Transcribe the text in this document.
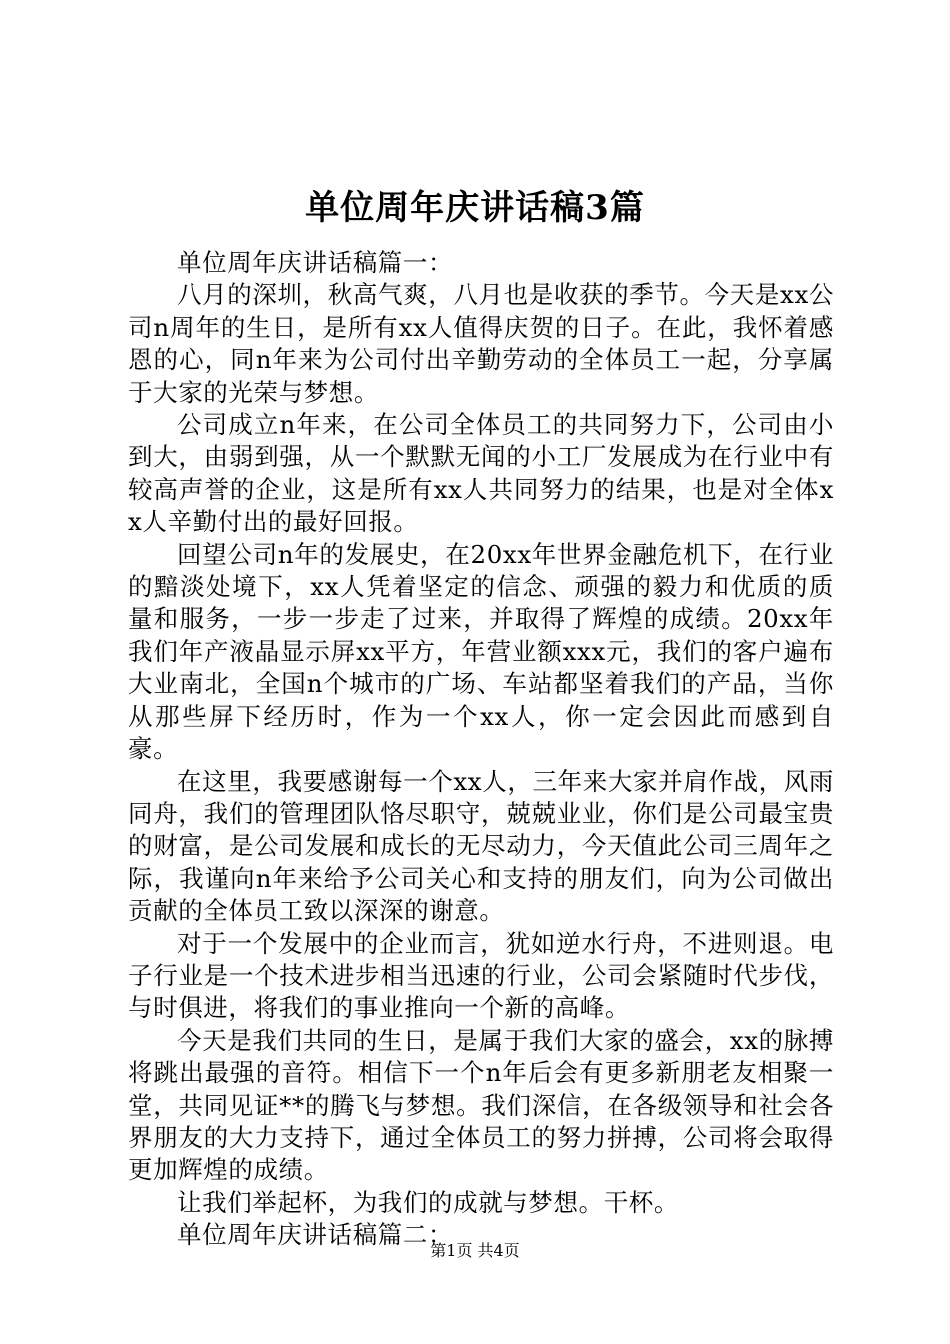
单位周年庆讲话稿3篇

单位周年庆讲话稿篇一：

八月的深圳，秋高气爽，八月也是收获的季节。今天是xx公司n周年的生日，是所有xx人值得庆贺的日子。在此，我怀着感恩的心，同n年来为公司付出辛勤劳动的全体员工一起，分享属于大家的光荣与梦想。

公司成立n年来，在公司全体员工的共同努力下，公司由小到大，由弱到强，从一个默默无闻的小工厂发展成为在行业中有较高声誉的企业，这是所有xx人共同努力的结果，也是对全体xx人辛勤付出的最好回报。

回望公司n年的发展史，在20xx年世界金融危机下，在行业的黯淡处境下，xx人凭着坚定的信念、顽强的毅力和优质的质量和服务，一步一步走了过来，并取得了辉煌的成绩。20xx年我们年产液晶显示屏xx平方，年营业额xxx元，我们的客户遍布大业南北，全国n个城市的广场、车站都坚着我们的产品，当你从那些屏下经历时，作为一个xx人，你一定会因此而感到自豪。

在这里，我要感谢每一个xx人，三年来大家并肩作战，风雨同舟，我们的管理团队恪尽职守，兢兢业业，你们是公司最宝贵的财富，是公司发展和成长的无尽动力，今天值此公司三周年之际，我谨向n年来给予公司关心和支持的朋友们，向为公司做出贡献的全体员工致以深深的谢意。

对于一个发展中的企业而言，犹如逆水行舟，不进则退。电子行业是一个技术进步相当迅速的行业，公司会紧随时代步伐，与时俱进，将我们的事业推向一个新的高峰。

今天是我们共同的生日，是属于我们大家的盛会，xx的脉搏将跳出最强的音符。相信下一个n年后会有更多新朋老友相聚一堂，共同见证**的腾飞与梦想。我们深信，在各级领导和社会各界朋友的大力支持下，通过全体员工的努力拼搏，公司将会取得更加辉煌的成绩。

让我们举起杯，为我们的成就与梦想。干杯。

单位周年庆讲话稿篇二：

第1页 共4页
